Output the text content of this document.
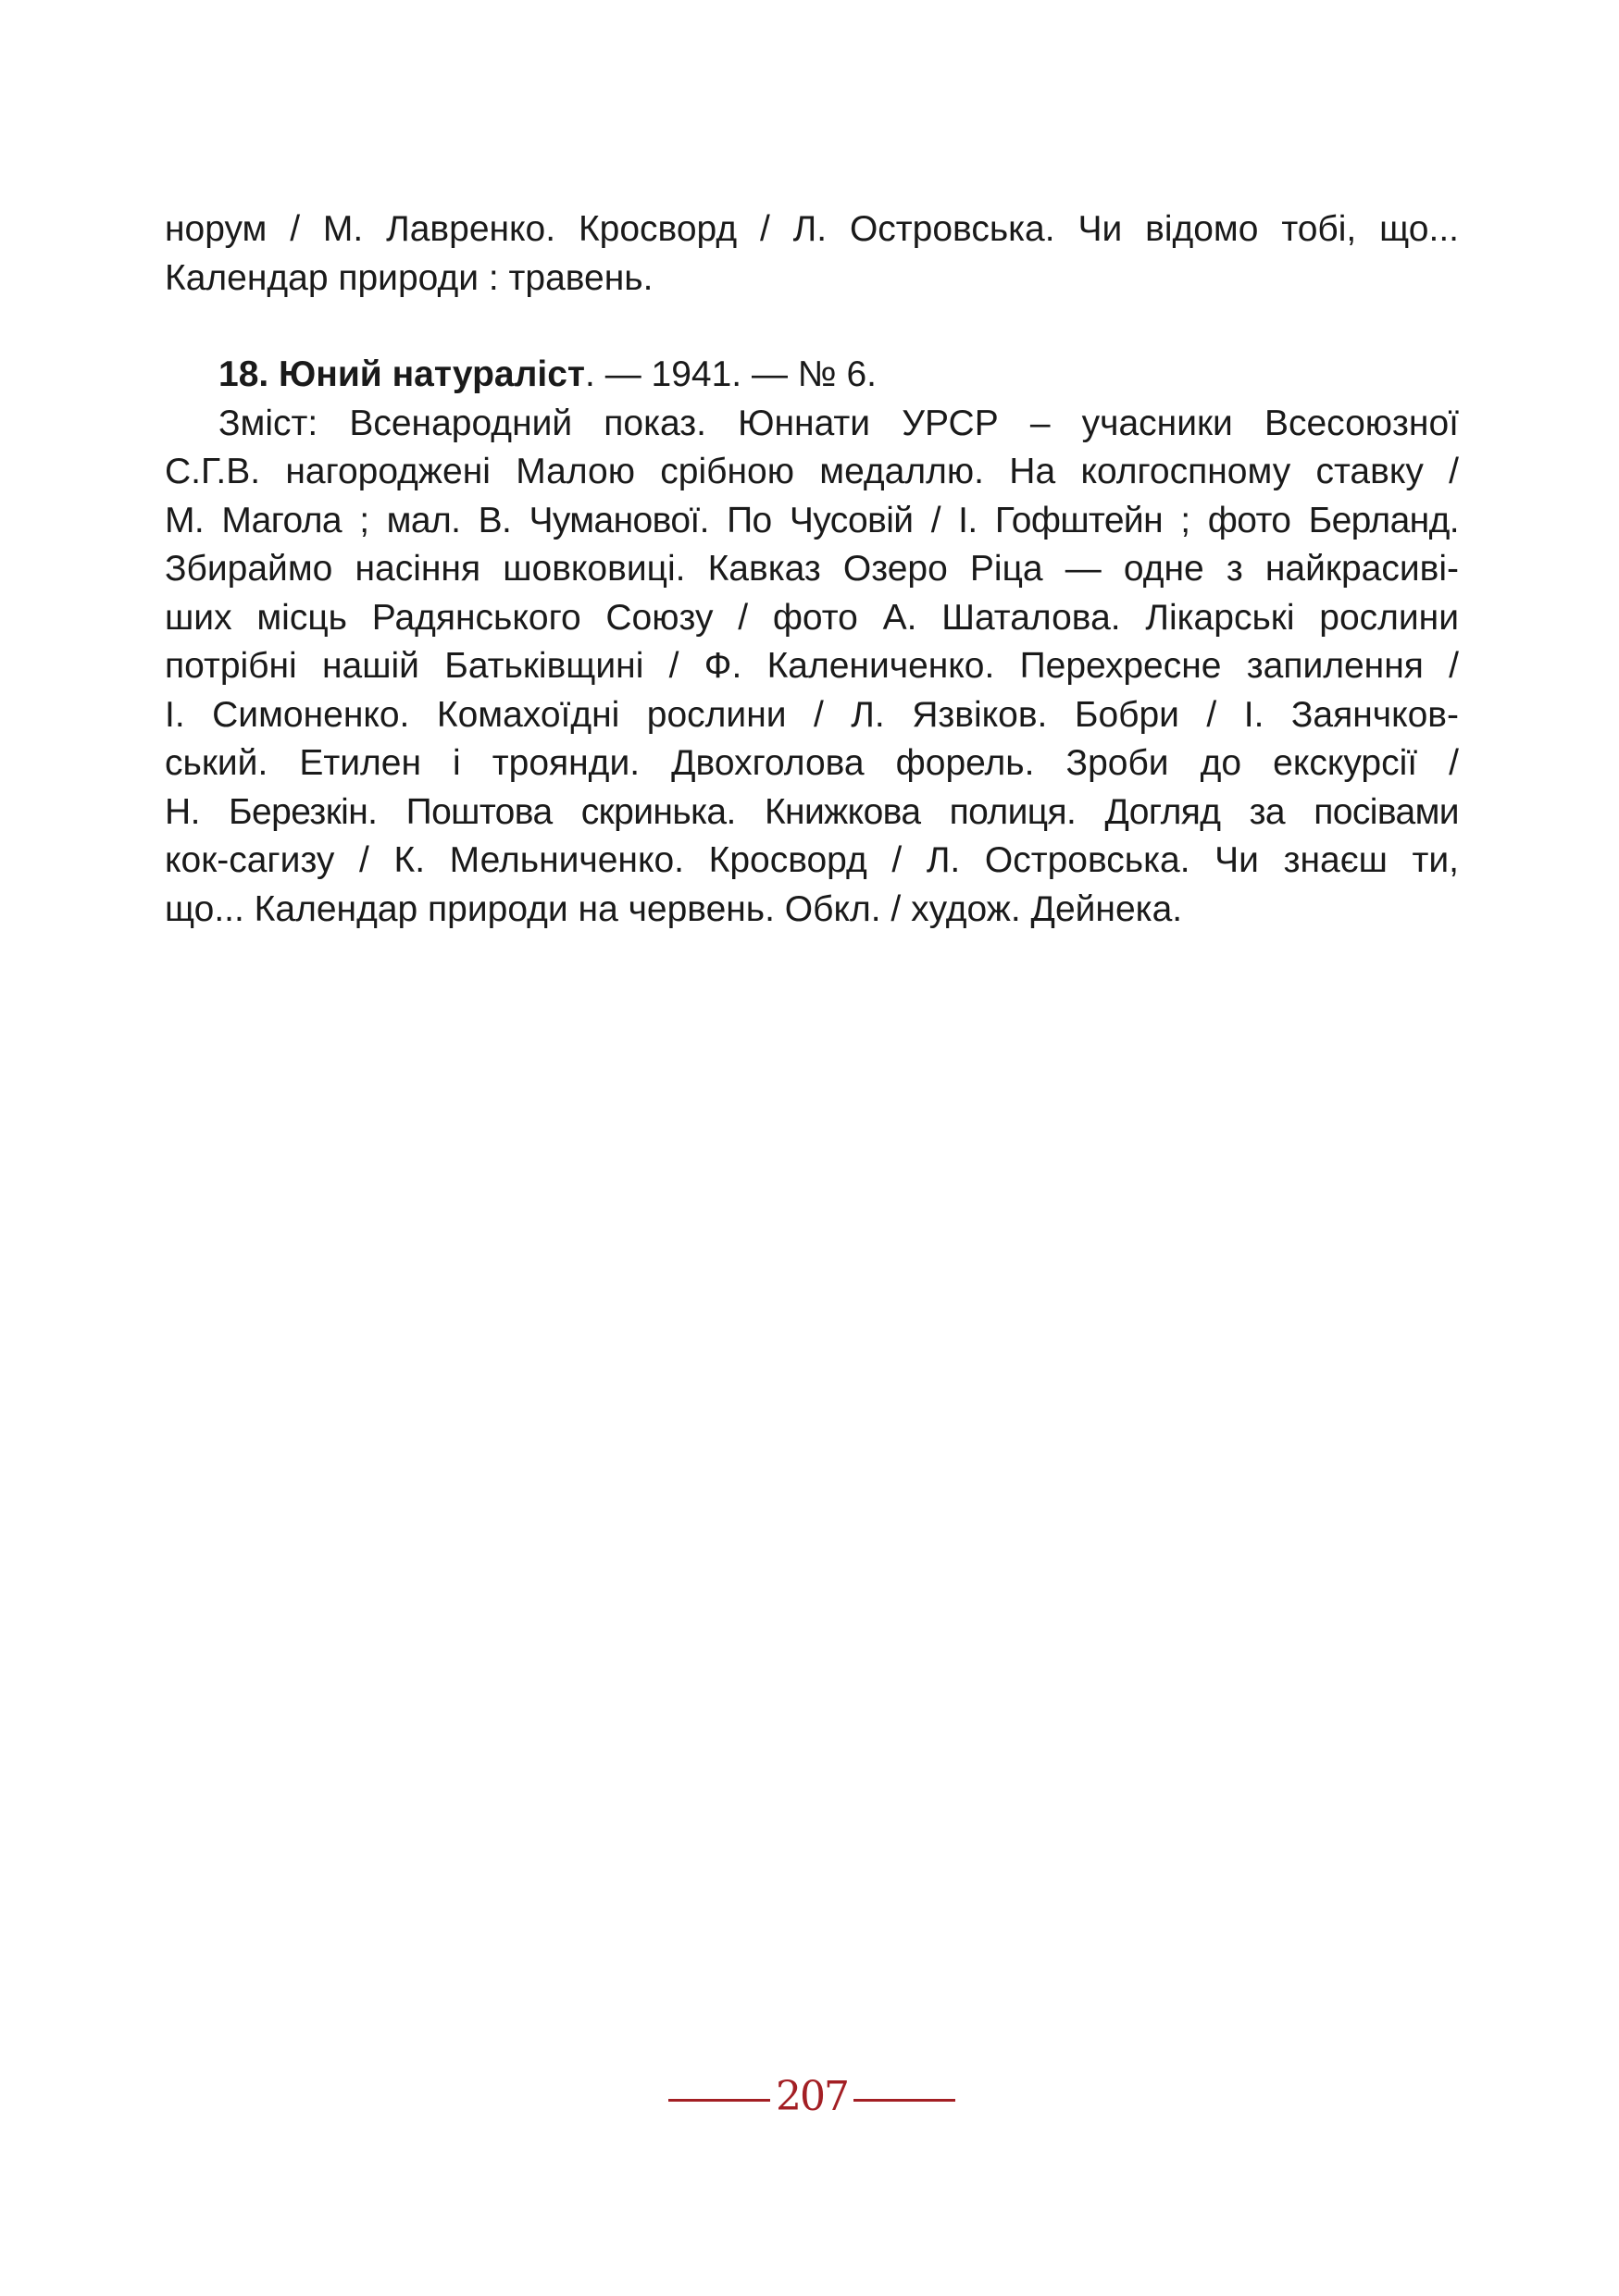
норум / М. Лавренко. Кросворд / Л. Островська. Чи відомо тобі, що...
Календар природи : травень.
18. Юний натураліст. — 1941. — № 6.
Зміст: Всенародний показ. Юннати УРСР – учасники Всесоюзної
С.Г.В. нагороджені Малою срібною медаллю. На колгоспному ставку /
М. Магола ; мал. В. Чуманової. По Чусовій / І. Гофштейн ; фото Берланд.
Збираймо насіння шовковиці. Кавказ Озеро Ріца — одне з найкрасиві-
ших місць Радянського Союзу / фото А. Шаталова. Лікарські рослини
потрібні нашій Батьківщині / Ф. Калениченко. Перехресне запилення /
І. Симоненко. Комахоїдні рослини / Л. Язвіков. Бобри / І. Заянчков-
ський. Етилен і троянди. Двохголова форель. Зроби до екскурсії /
Н. Березкін. Поштова скринька. Книжкова полиця. Догляд за посівами
кок-сагизу / К. Мельниченко. Кросворд / Л. Островська. Чи знаєш ти,
що... Календар природи на червень. Обкл. / худож. Дейнека.
207
